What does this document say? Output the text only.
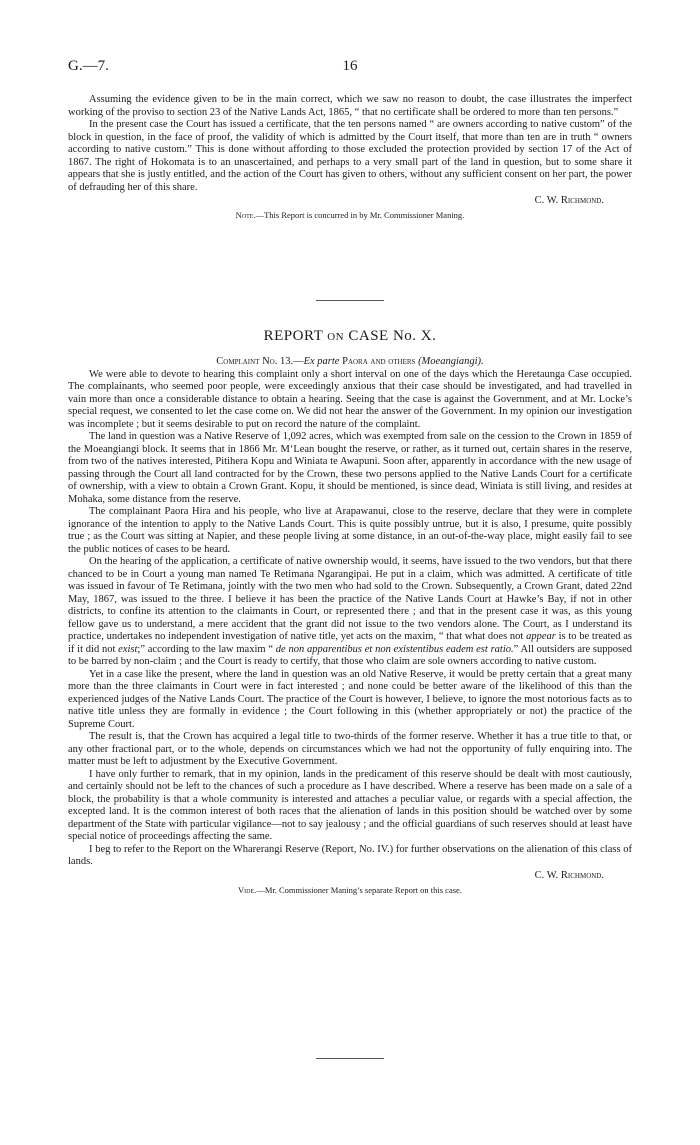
G.—7.	16

Assuming the evidence given to be in the main correct, which we saw no reason to doubt, the case illustrates the imperfect working of the proviso to section 23 of the Native Lands Act, 1865, “ that no certificate shall be ordered to more than ten persons.”

In the present case the Court has issued a certificate, that the ten persons named “ are owners according to native custom” of the block in question, in the face of proof, the validity of which is admitted by the Court itself, that more than ten are in truth “ owners according to native custom.” This is done without affording to those excluded the protection provided by section 17 of the Act of 1867. The right of Hokomata is to an unascertained, and perhaps to a very small part of the land in question, but to some share it appears that she is justly entitled, and the action of the Court has given to others, without any sufficient consent on her part, the power of defrauding her of this share.

C. W. Richmond.
Note.—This Report is concurred in by Mr. Commissioner Maning.
REPORT on CASE No. X.
Complaint No. 13.—Ex parte Paora and others (Moeangiangi).

We were able to devote to hearing this complaint only a short interval on one of the days which the Heretaunga Case occupied. The complainants, who seemed poor people, were exceedingly anxious that their case should be investigated, and had travelled in vain more than once a considerable distance to obtain a hearing. Seeing that the case is against the Government, and at Mr. Locke’s special request, we consented to let the case come on. We did not hear the answer of the Government. In my opinion our investigation was incomplete ; but it seems desirable to put on record the nature of the complaint.

The land in question was a Native Reserve of 1,092 acres, which was exempted from sale on the cession to the Crown in 1859 of the Moeangiangi block. It seems that in 1866 Mr. M‘Lean bought the reserve, or rather, as it turned out, certain shares in the reserve, from two of the natives interested, Pitihera Kopu and Winiata te Awapuni. Soon after, apparently in accordance with the new usage of passing through the Court all land contracted for by the Crown, these two persons applied to the Native Lands Court for a certificate of ownership, with a view to obtain a Crown Grant. Kopu, it should be mentioned, is since dead, Winiata is still living, and resides at Mohaka, some distance from the reserve.

The complainant Paora Hira and his people, who live at Arapawanui, close to the reserve, declare that they were in complete ignorance of the intention to apply to the Native Lands Court. This is quite possibly untrue, but it is also, I presume, quite possibly true ; as the Court was sitting at Napier, and these people living at some distance, in an out-of-the-way place, might easily fail to see the public notices of cases to be heard.

On the hearing of the application, a certificate of native ownership would, it seems, have issued to the two vendors, but that there chanced to be in Court a young man named Te Retimana Ngarangipai. He put in a claim, which was admitted. A certificate of title was issued in favour of Te Retimana, jointly with the two men who had sold to the Crown. Subsequently, a Crown Grant, dated 22nd May, 1867, was issued to the three. I believe it has been the practice of the Native Lands Court at Hawke’s Bay, if not in other districts, to confine its attention to the claimants in Court, or represented there ; and that in the present case it was, as this young fellow gave us to understand, a mere accident that the grant did not issue to the two vendors alone. The Court, as I understand its practice, undertakes no independent investigation of native title, yet acts on the maxim, “ that what does not appear is to be treated as if it did not exist;” according to the law maxim “ de non apparentibus et non existentibus eadem est ratio.” All outsiders are supposed to be barred by non-claim ; and the Court is ready to certify, that those who claim are sole owners according to native custom.

Yet in a case like the present, where the land in question was an old Native Reserve, it would be pretty certain that a great many more than the three claimants in Court were in fact interested ; and none could be better aware of the likelihood of this than the experienced judges of the Native Lands Court. The practice of the Court is however, I believe, to ignore the most notorious facts as to native title unless they are formally in evidence ; the Court following in this (whether appropriately or not) the practice of the Supreme Court.

The result is, that the Crown has acquired a legal title to two-thirds of the former reserve. Whether it has a true title to that, or any other fractional part, or to the whole, depends on circumstances which we had not the opportunity of fully enquiring into. The matter must be left to adjustment by the Executive Government.

I have only further to remark, that in my opinion, lands in the predicament of this reserve should be dealt with most cautiously, and certainly should not be left to the chances of such a procedure as I have described. Where a reserve has been made on a sale of a block, the probability is that a whole community is interested and attaches a peculiar value, or regards with a special affection, the excepted land. It is the common interest of both races that the alienation of lands in this position should be watched over by some department of the State with particular vigilance—not to say jealousy ; and the official guardians of such reserves should at least have special notice of proceedings affecting the same.

I beg to refer to the Report on the Wharerangi Reserve (Report, No. IV.) for further observations on the alienation of this class of lands.

C. W. Richmond.
Vide.—Mr. Commissioner Maning’s separate Report on this case.
